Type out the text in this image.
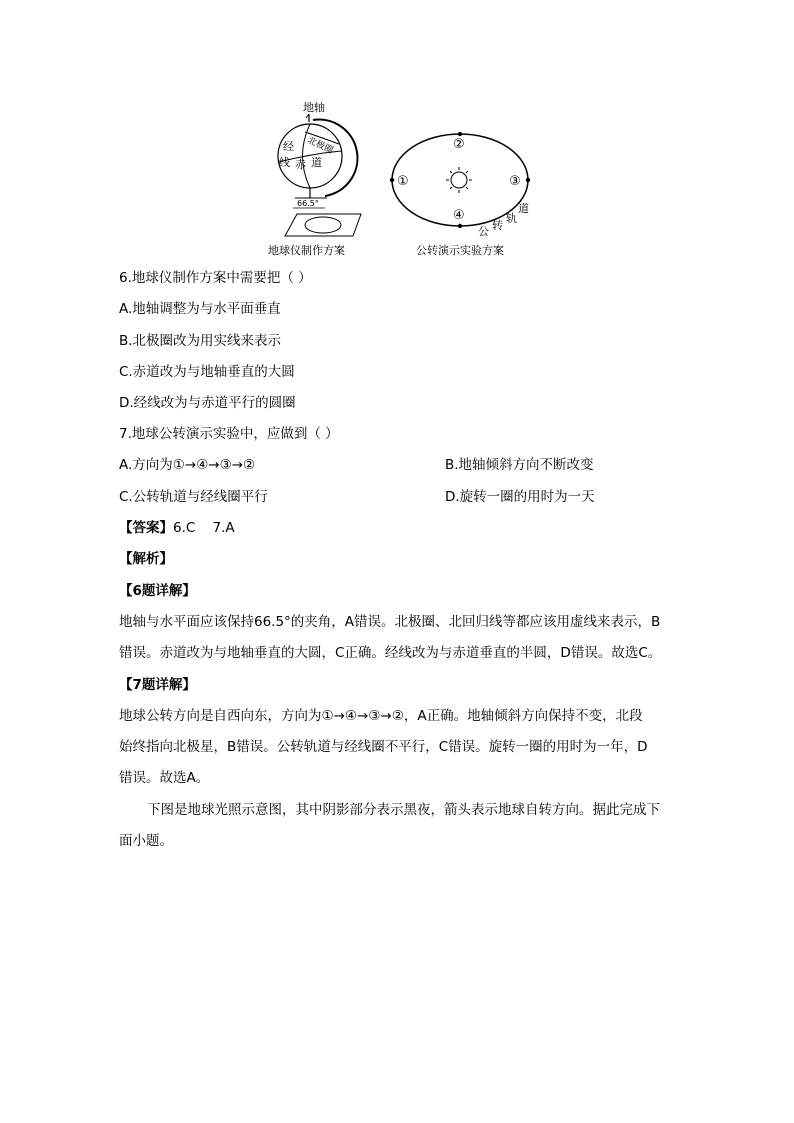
地轴
经
线 赤 道
北极圈
66.5°
地球仪制作方案
②
①	③
④	道
轨
转
公
公转演示实验方案
6.地球仪制作方案中需要把（ ）
A.地轴调整为与水平面垂直
B.北极圈改为用实线来表示
C.赤道改为与地轴垂直的大圆
D.经线改为与赤道平行的圆圈
7.地球公转演示实验中，应做到（ ）
A.方向为①→④→③→②	B.地轴倾斜方向不断改变
C.公转轨道与经线圈平行	D.旋转一圈的用时为一天
【答案】6.C    7.A
【解析】
【6题详解】
地轴与水平面应该保持66.5°的夹角，A错误。北极圈、北回归线等都应该用虚线来表示，B
错误。赤道改为与地轴垂直的大圆，C正确。经线改为与赤道垂直的半圆，D错误。故选C。
【7题详解】
地球公转方向是自西向东，方向为①→④→③→②，A正确。地轴倾斜方向保持不变，北段
始终指向北极星，B错误。公转轨道与经线圈不平行，C错误。旋转一圈的用时为一年，D
错误。故选A。
下图是地球光照示意图，其中阴影部分表示黑夜，箭头表示地球自转方向。据此完成下
面小题。
